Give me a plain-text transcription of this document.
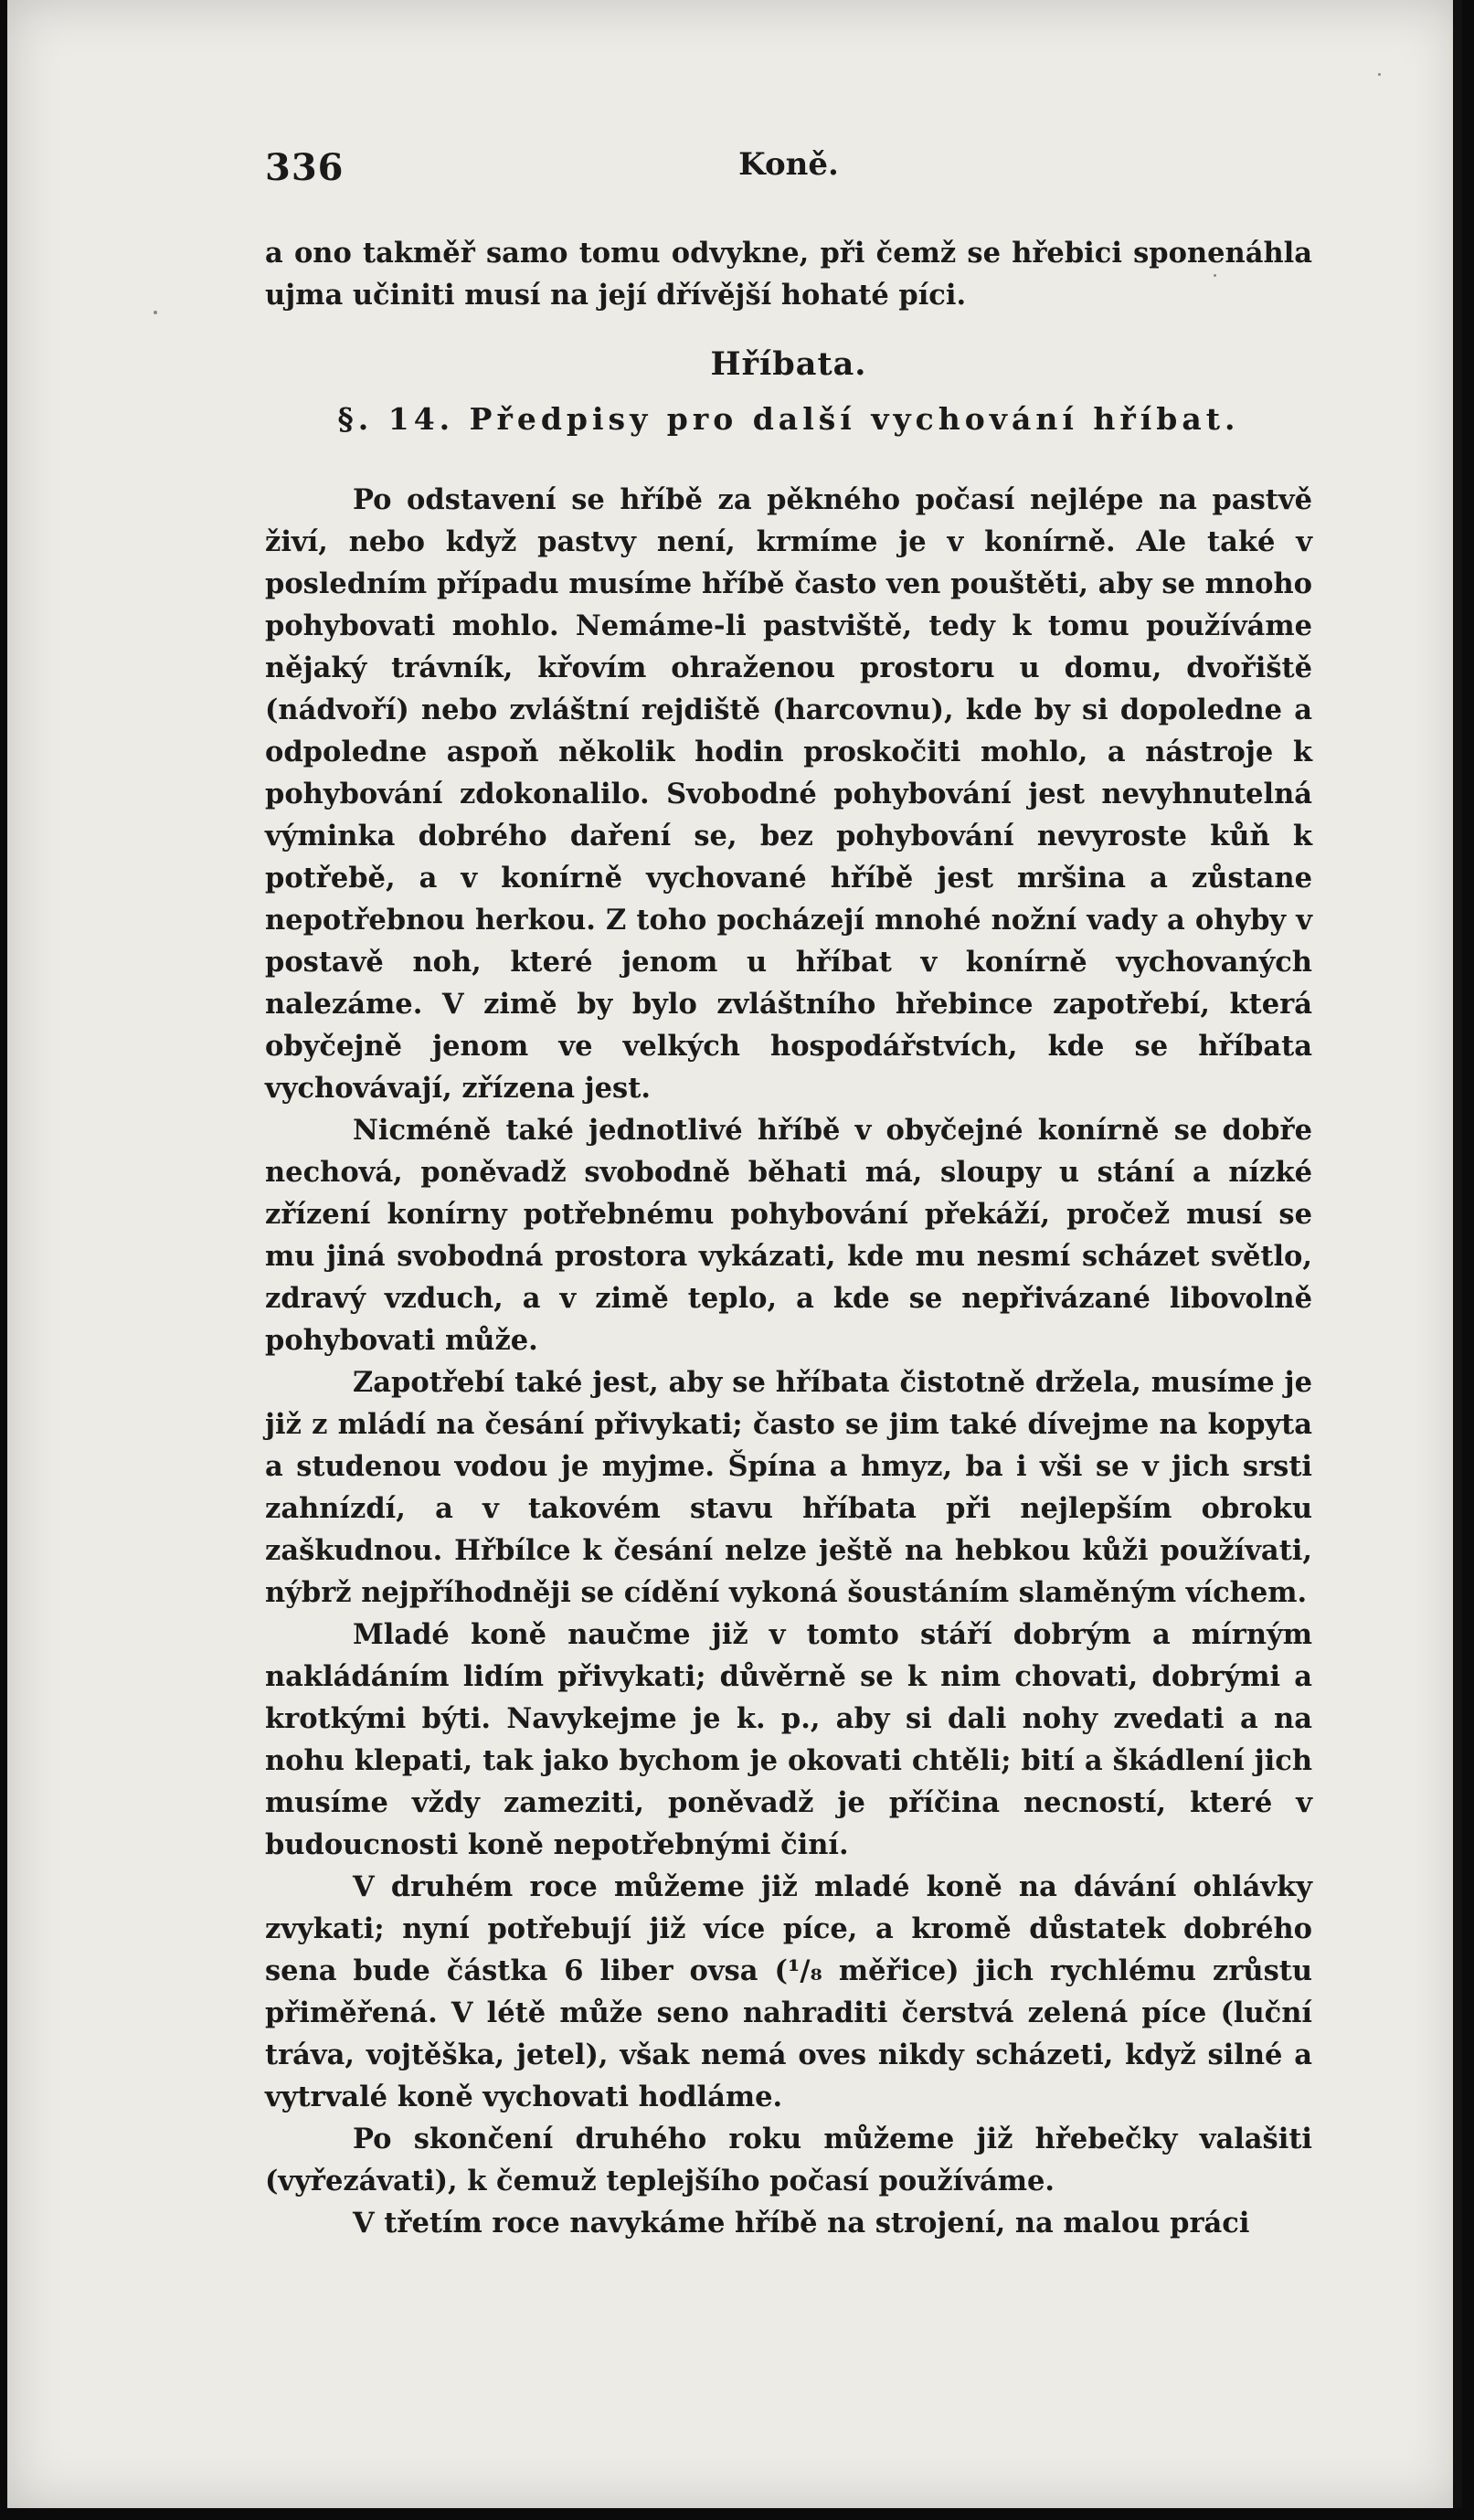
336	Koně.

a ono takměř samo tomu odvykne, při čemž se hřebici sponenáhla ujma učiniti musí na její dřívější hohaté píci.

Hříbata.
§. 14. Předpisy pro další vychování hříbat.

Po odstavení se hříbě za pěkného počasí nejlépe na pastvě živí, nebo když pastvy není, krmíme je v konírně. Ale také v posledním případu musíme hříbě často ven pouštěti, aby se mnoho pohybovati mohlo. Nemáme-li pastviště, tedy k tomu používáme nějaký trávník, křovím ohraženou prostoru u domu, dvořiště (nádvoří) nebo zvláštní rejdiště (harcovnu), kde by si dopoledne a odpoledne aspoň několik hodin proskočiti mohlo, a nástroje k pohybování zdokonalilo. Svobodné pohybování jest nevyhnutelná výminka dobrého daření se, bez pohybování nevyroste kůň k potřebě, a v konírně vychované hříbě jest mršina a zůstane nepotřebnou herkou. Z toho pocházejí mnohé nožní vady a ohyby v postavě noh, které jenom u hříbat v konírně vychovaných nalezáme. V zimě by bylo zvláštního hřebince zapotřebí, která obyčejně jenom ve velkých hospodářstvích, kde se hříbata vychovávají, zřízena jest.

Nicméně také jednotlivé hříbě v obyčejné konírně se dobře nechová, poněvadž svobodně běhati má, sloupy u stání a nízké zřízení konírny potřebnému pohybování překáží, pročež musí se mu jiná svobodná prostora vykázati, kde mu nesmí scházet světlo, zdravý vzduch, a v zimě teplo, a kde se nepřivázané libovolně pohybovati může.

Zapotřebí také jest, aby se hříbata čistotně držela, musíme je již z mládí na česání přivykati; často se jim také dívejme na kopyta a studenou vodou je myjme. Špína a hmyz, ba i vši se v jich srsti zahnízdí, a v takovém stavu hříbata při nejlepším obroku zaškudnou. Hřbílce k česání nelze ještě na hebkou kůži používati, nýbrž nejpříhodněji se cídění vykoná šoustáním slaměným víchem.

Mladé koně naučme již v tomto stáří dobrým a mírným nakládáním lidím přivykati; důvěrně se k nim chovati, dobrými a krotkými býti. Navykejme je k. p., aby si dali nohy zvedati a na nohu klepati, tak jako bychom je okovati chtěli; bití a škádlení jich musíme vždy zameziti, poněvadž je příčina necností, které v budoucnosti koně nepotřebnými činí.

V druhém roce můžeme již mladé koně na dávání ohlávky zvykati; nyní potřebují již více píce, a kromě důstatek dobrého sena bude částka 6 liber ovsa (¹/₈ měřice) jich rychlému zrůstu přiměřená. V létě může seno nahraditi čerstvá zelená píce (luční tráva, vojtěška, jetel), však nemá oves nikdy scházeti, když silné a vytrvalé koně vychovati hodláme.

Po skončení druhého roku můžeme již hřebečky valašiti (vyřezávati), k čemuž teplejšího počasí používáme.

V třetím roce navykáme hříbě na strojení, na malou práci
